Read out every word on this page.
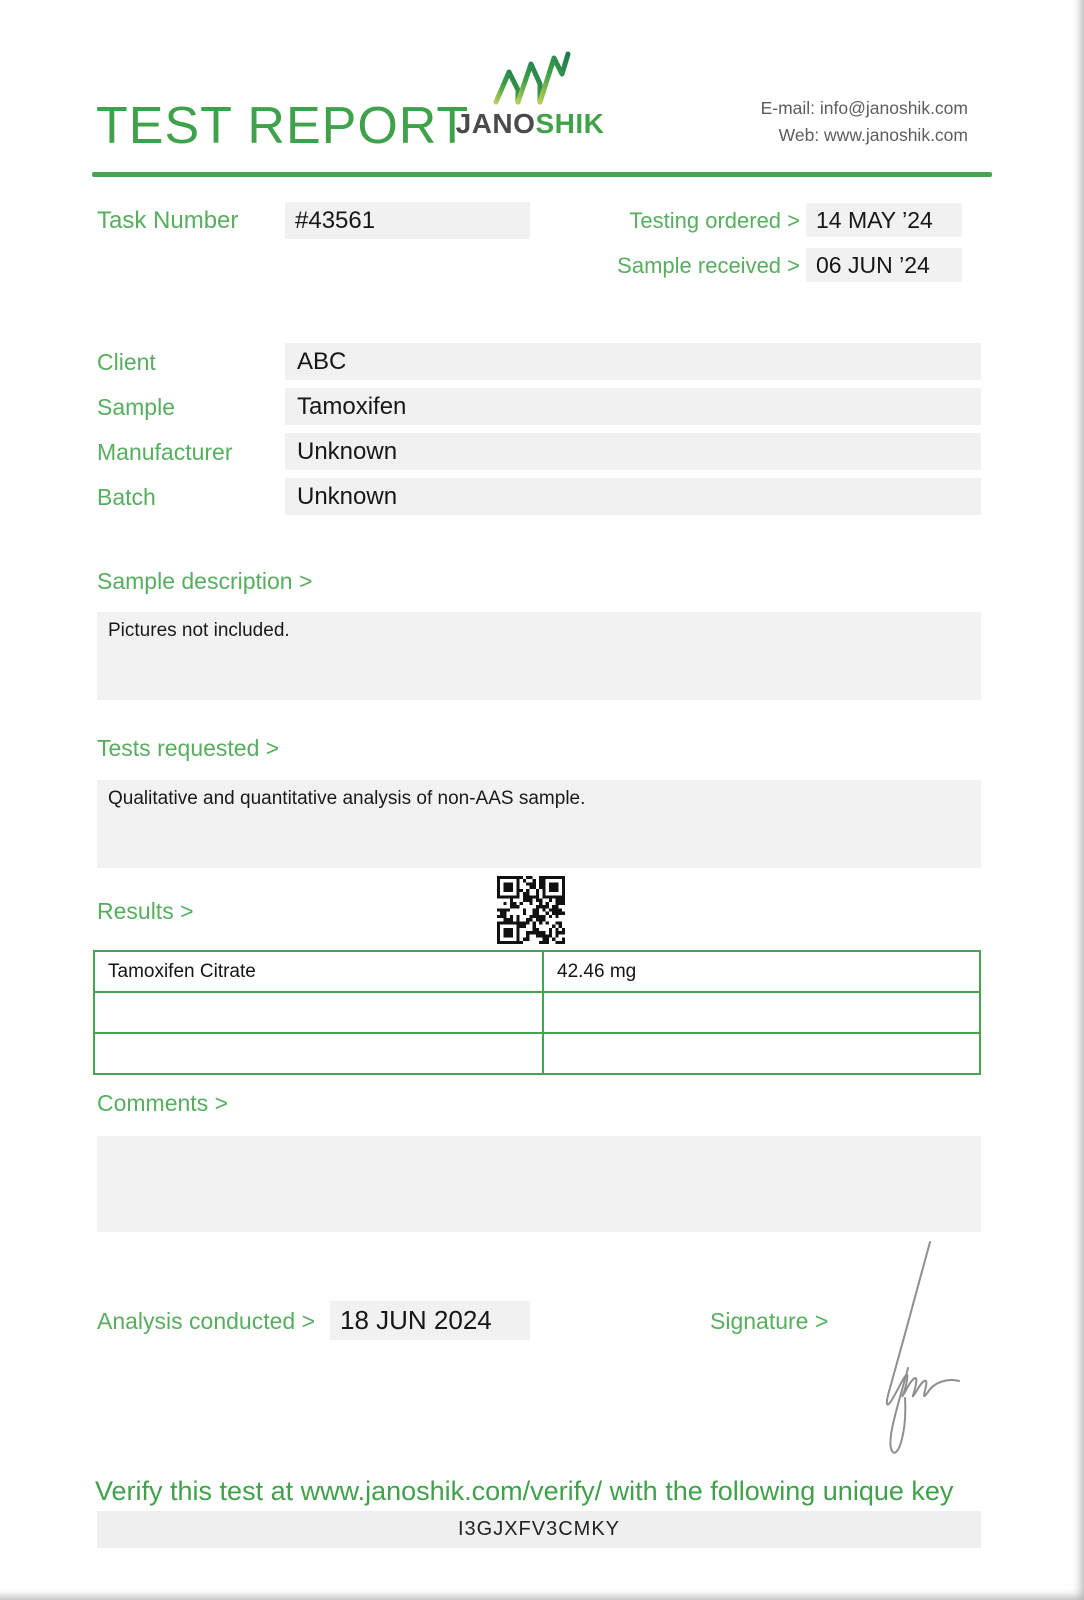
TEST REPORT
JANOSHIK	E-mail: info@janoshik.com
Web: www.janoshik.com
Task Number	#43561	Testing ordered > 14 MAY ’24
Sample received > 06 JUN ’24
Client	ABC
Sample	Tamoxifen
Manufacturer	Unknown
Batch	Unknown
Sample description >
Pictures not included.
Tests requested >
Qualitative and quantitative analysis of non-AAS sample.
Results >
Tamoxifen Citrate	42.46 mg

Comments >
Analysis conducted > 18 JUN 2024	Signature >
Verify this test at www.janoshik.com/verify/ with the following unique key
I3GJXFV3CMKY
